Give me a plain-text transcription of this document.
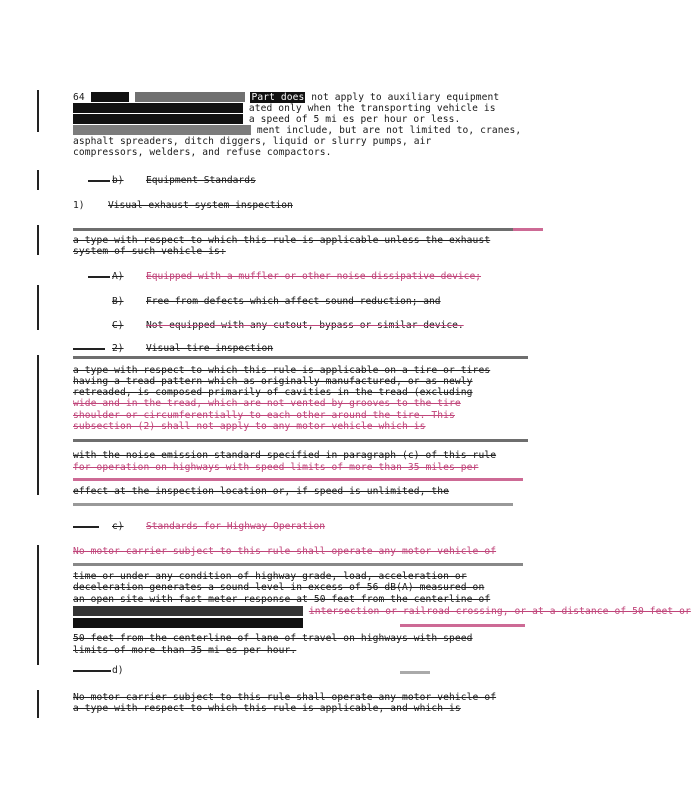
64	Part does not apply to auxiliary equipment
ated only when the transporting vehicle is
a speed of 5 mi es per hour or less.
ment include, but are not limited to, cranes,
asphalt spreaders, ditch diggers, liquid or slurry pumps, air
compressors, welders, and refuse compactors.
b) Equipment Standards
1) Visual exhaust system inspection
a type with respect to which this rule is applicable unless the exhaust
system of such vehicle is:
A) Equipped with a muffler or other noise dissipative device;
B) Free from defects which affect sound reduction; and
C) Not equipped with any cutout, bypass or similar device.
2) Visual tire inspection
a type with respect to which this rule is applicable on a tire or tires
having a tread pattern which as originally manufactured, or as newly
retreaded, is composed primarily of cavities in the tread (excluding
wide and in the tread, which are not vented by grooves to the tire
shoulder or circumferentially to each other around the tire. This
subsection (2) shall not apply to any motor vehicle which is
with the noise emission standard specified in paragraph (c) of this rule
for operation on highways with speed limits of more than 35 miles per
effect at the inspection location or, if speed is unlimited, the
c) Standards for Highway Operation
No motor carrier subject to this rule shall operate any motor vehicle of
time or under any condition of highway grade, load, acceleration or
deceleration generates a sound level in excess of 56 dB(A) measured on
an open site with fast meter response at 50 feet from the centerline of
intersection or railroad crossing, or at a distance of 50 feet or
50 feet from the centerline of lane of travel on highways with speed
limits of more than 35 mi es per hour.
d)
No motor carrier subject to this rule shall operate any motor vehicle of
a type with respect to which this rule is applicable, and which is
